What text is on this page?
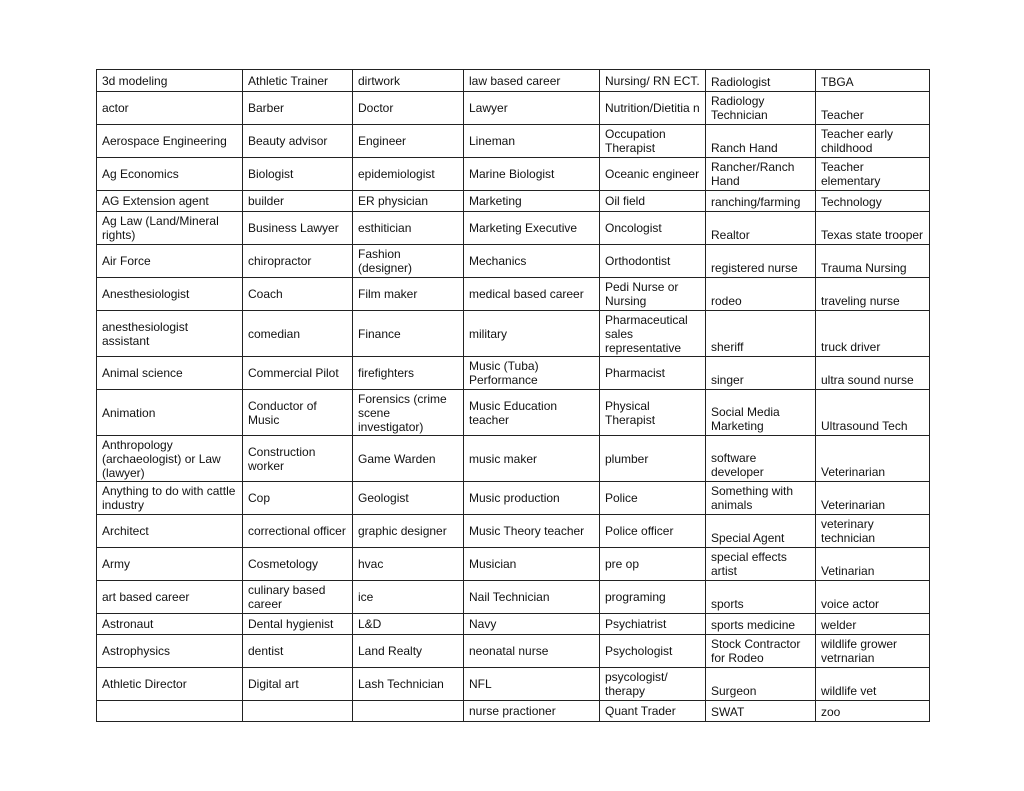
3d modeling	Athletic Trainer	dirtwork	law based career	Nursing/ RN ECT.	Radiologist	TBGA
actor	Barber	Doctor	Lawyer	Nutrition/Dietitia n	Radiology Technician	Teacher
Aerospace Engineering	Beauty advisor	Engineer	Lineman	Occupation Therapist	Ranch Hand	Teacher early childhood
Ag Economics	Biologist	epidemiologist	Marine Biologist	Oceanic engineer	Rancher/Ranch Hand	Teacher elementary
AG Extension agent	builder	ER physician	Marketing	Oil field	ranching/farming	Technology
Ag Law (Land/Mineral rights)	Business Lawyer	esthitician	Marketing Executive	Oncologist	Realtor	Texas state trooper
Air Force	chiropractor	Fashion (designer)	Mechanics	Orthodontist	registered nurse	Trauma Nursing
Anesthesiologist	Coach	Film maker	medical based career	Pedi Nurse or Nursing	rodeo	traveling nurse
anesthesiologist assistant	comedian	Finance	military	Pharmaceutical sales representative	sheriff	truck driver
Animal science	Commercial Pilot	firefighters	Music (Tuba) Performance	Pharmacist	singer	ultra sound nurse
Animation	Conductor of Music	Forensics (crime scene investigator)	Music Education teacher	Physical Therapist	Social Media Marketing	Ultrasound Tech
Anthropology (archaeologist) or Law (lawyer)	Construction worker	Game Warden	music maker	plumber	software developer	Veterinarian
Anything to do with cattle industry	Cop	Geologist	Music production	Police	Something with animals	Veterinarian
Architect	correctional officer	graphic designer	Music Theory teacher	Police officer	Special Agent	veterinary technician
Army	Cosmetology	hvac	Musician	pre op	special effects artist	Vetinarian
art based career	culinary based career	ice	Nail Technician	programing	sports	voice actor
Astronaut	Dental hygienist	L&D	Navy	Psychiatrist	sports medicine	welder
Astrophysics	dentist	Land Realty	neonatal nurse	Psychologist	Stock Contractor for Rodeo	wildlife grower vetrnarian
Athletic Director	Digital art	Lash Technician	NFL	psycologist/ therapy	Surgeon	wildlife vet
			nurse practioner	Quant Trader	SWAT	zoo
